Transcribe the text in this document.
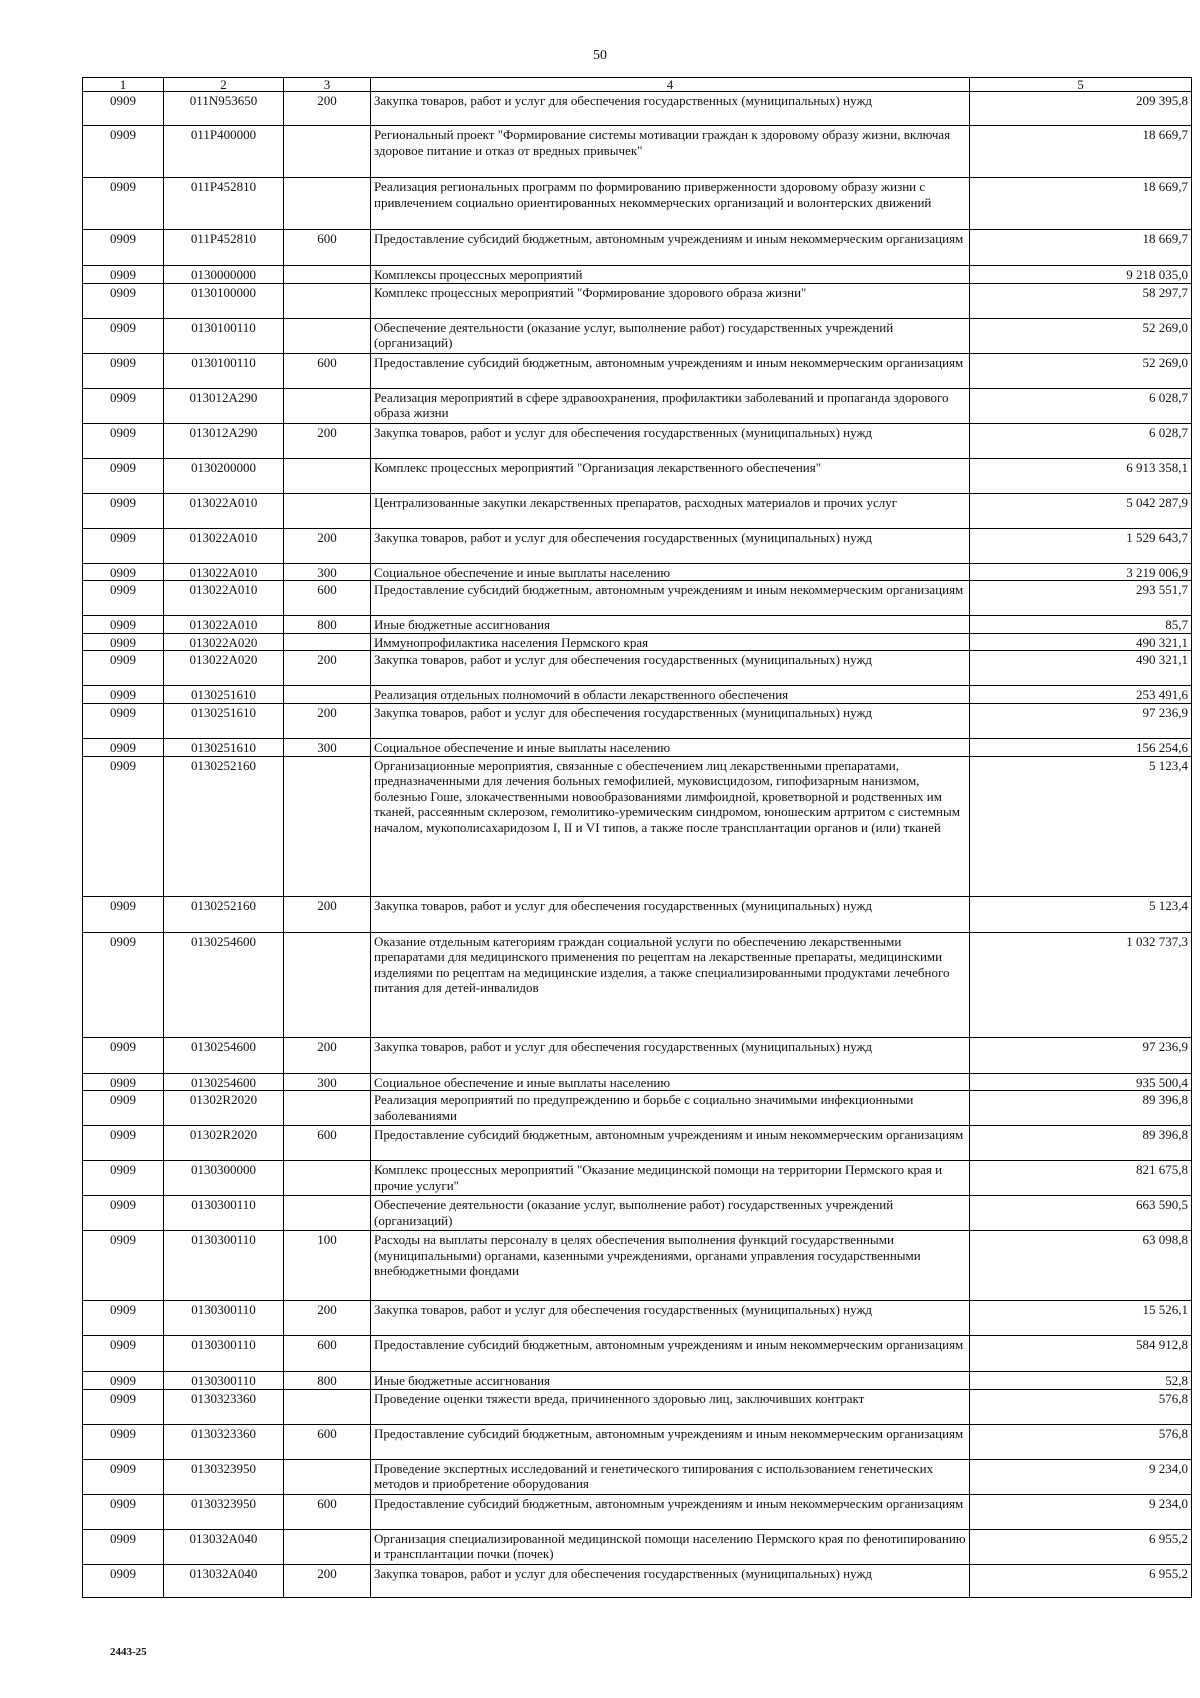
50
1	2	3	4	5
0909	011N953650	200	Закупка товаров, работ и услуг для обеспечения государственных (муниципальных) нужд	209 395,8
0909	011P400000		Региональный проект "Формирование системы мотивации граждан к здоровому образу жизни, включая здоровое питание и отказ от вредных привычек"	18 669,7
0909	011P452810		Реализация региональных программ по формированию приверженности здоровому образу жизни с привлечением социально ориентированных некоммерческих организаций и волонтерских движений	18 669,7
0909	011P452810	600	Предоставление субсидий бюджетным, автономным учреждениям и иным некоммерческим организациям	18 669,7
0909	0130000000		Комплексы процессных мероприятий	9 218 035,0
0909	0130100000		Комплекс процессных мероприятий "Формирование здорового образа жизни"	58 297,7
0909	0130100110		Обеспечение деятельности (оказание услуг, выполнение работ) государственных учреждений (организаций)	52 269,0
0909	0130100110	600	Предоставление субсидий бюджетным, автономным учреждениям и иным некоммерческим организациям	52 269,0
0909	013012A290		Реализация мероприятий в сфере здравоохранения, профилактики заболеваний и пропаганда здорового образа жизни	6 028,7
0909	013012A290	200	Закупка товаров, работ и услуг для обеспечения государственных (муниципальных) нужд	6 028,7
0909	0130200000		Комплекс процессных мероприятий "Организация лекарственного обеспечения"	6 913 358,1
0909	013022A010		Централизованные закупки лекарственных препаратов, расходных материалов и прочих услуг	5 042 287,9
0909	013022A010	200	Закупка товаров, работ и услуг для обеспечения государственных (муниципальных) нужд	1 529 643,7
0909	013022A010	300	Социальное обеспечение и иные выплаты населению	3 219 006,9
0909	013022A010	600	Предоставление субсидий бюджетным, автономным учреждениям и иным некоммерческим организациям	293 551,7
0909	013022A010	800	Иные бюджетные ассигнования	85,7
0909	013022A020		Иммунопрофилактика населения Пермского края	490 321,1
0909	013022A020	200	Закупка товаров, работ и услуг для обеспечения государственных (муниципальных) нужд	490 321,1
0909	0130251610		Реализация отдельных полномочий в области лекарственного обеспечения	253 491,6
0909	0130251610	200	Закупка товаров, работ и услуг для обеспечения государственных (муниципальных) нужд	97 236,9
0909	0130251610	300	Социальное обеспечение и иные выплаты населению	156 254,6
0909	0130252160		Организационные мероприятия, связанные с обеспечением лиц лекарственными препаратами, предназначенными для лечения больных гемофилией, муковисцидозом, гипофизарным нанизмом, болезнью Гоше, злокачественными новообразованиями лимфоидной, кроветворной и родственных им тканей, рассеянным склерозом, гемолитико-уремическим синдромом, юношеским артритом с системным началом, мукополисахаридозом I, II и VI типов, а также после трансплантации органов и (или) тканей	5 123,4
0909	0130252160	200	Закупка товаров, работ и услуг для обеспечения государственных (муниципальных) нужд	5 123,4
0909	0130254600		Оказание отдельным категориям граждан социальной услуги по обеспечению лекарственными препаратами для медицинского применения по рецептам на лекарственные препараты, медицинскими изделиями по рецептам на медицинские изделия, а также специализированными продуктами лечебного питания для детей-инвалидов	1 032 737,3
0909	0130254600	200	Закупка товаров, работ и услуг для обеспечения государственных (муниципальных) нужд	97 236,9
0909	0130254600	300	Социальное обеспечение и иные выплаты населению	935 500,4
0909	01302R2020		Реализация мероприятий по предупреждению и борьбе с социально значимыми инфекционными заболеваниями	89 396,8
0909	01302R2020	600	Предоставление субсидий бюджетным, автономным учреждениям и иным некоммерческим организациям	89 396,8
0909	0130300000		Комплекс процессных мероприятий "Оказание медицинской помощи на территории Пермского края и прочие услуги"	821 675,8
0909	0130300110		Обеспечение деятельности (оказание услуг, выполнение работ) государственных учреждений (организаций)	663 590,5
0909	0130300110	100	Расходы на выплаты персоналу в целях обеспечения выполнения функций государственными (муниципальными) органами, казенными учреждениями, органами управления государственными внебюджетными фондами	63 098,8
0909	0130300110	200	Закупка товаров, работ и услуг для обеспечения государственных (муниципальных) нужд	15 526,1
0909	0130300110	600	Предоставление субсидий бюджетным, автономным учреждениям и иным некоммерческим организациям	584 912,8
0909	0130300110	800	Иные бюджетные ассигнования	52,8
0909	0130323360		Проведение оценки тяжести вреда, причиненного здоровью лиц, заключивших контракт	576,8
0909	0130323360	600	Предоставление субсидий бюджетным, автономным учреждениям и иным некоммерческим организациям	576,8
0909	0130323950		Проведение экспертных исследований и генетического типирования с использованием генетических методов и приобретение оборудования	9 234,0
0909	0130323950	600	Предоставление субсидий бюджетным, автономным учреждениям и иным некоммерческим организациям	9 234,0
0909	013032A040		Организация специализированной медицинской помощи населению Пермского края по фенотипированию и трансплантации почки (почек)	6 955,2
0909	013032A040	200	Закупка товаров, работ и услуг для обеспечения государственных (муниципальных) нужд	6 955,2
2443-25
